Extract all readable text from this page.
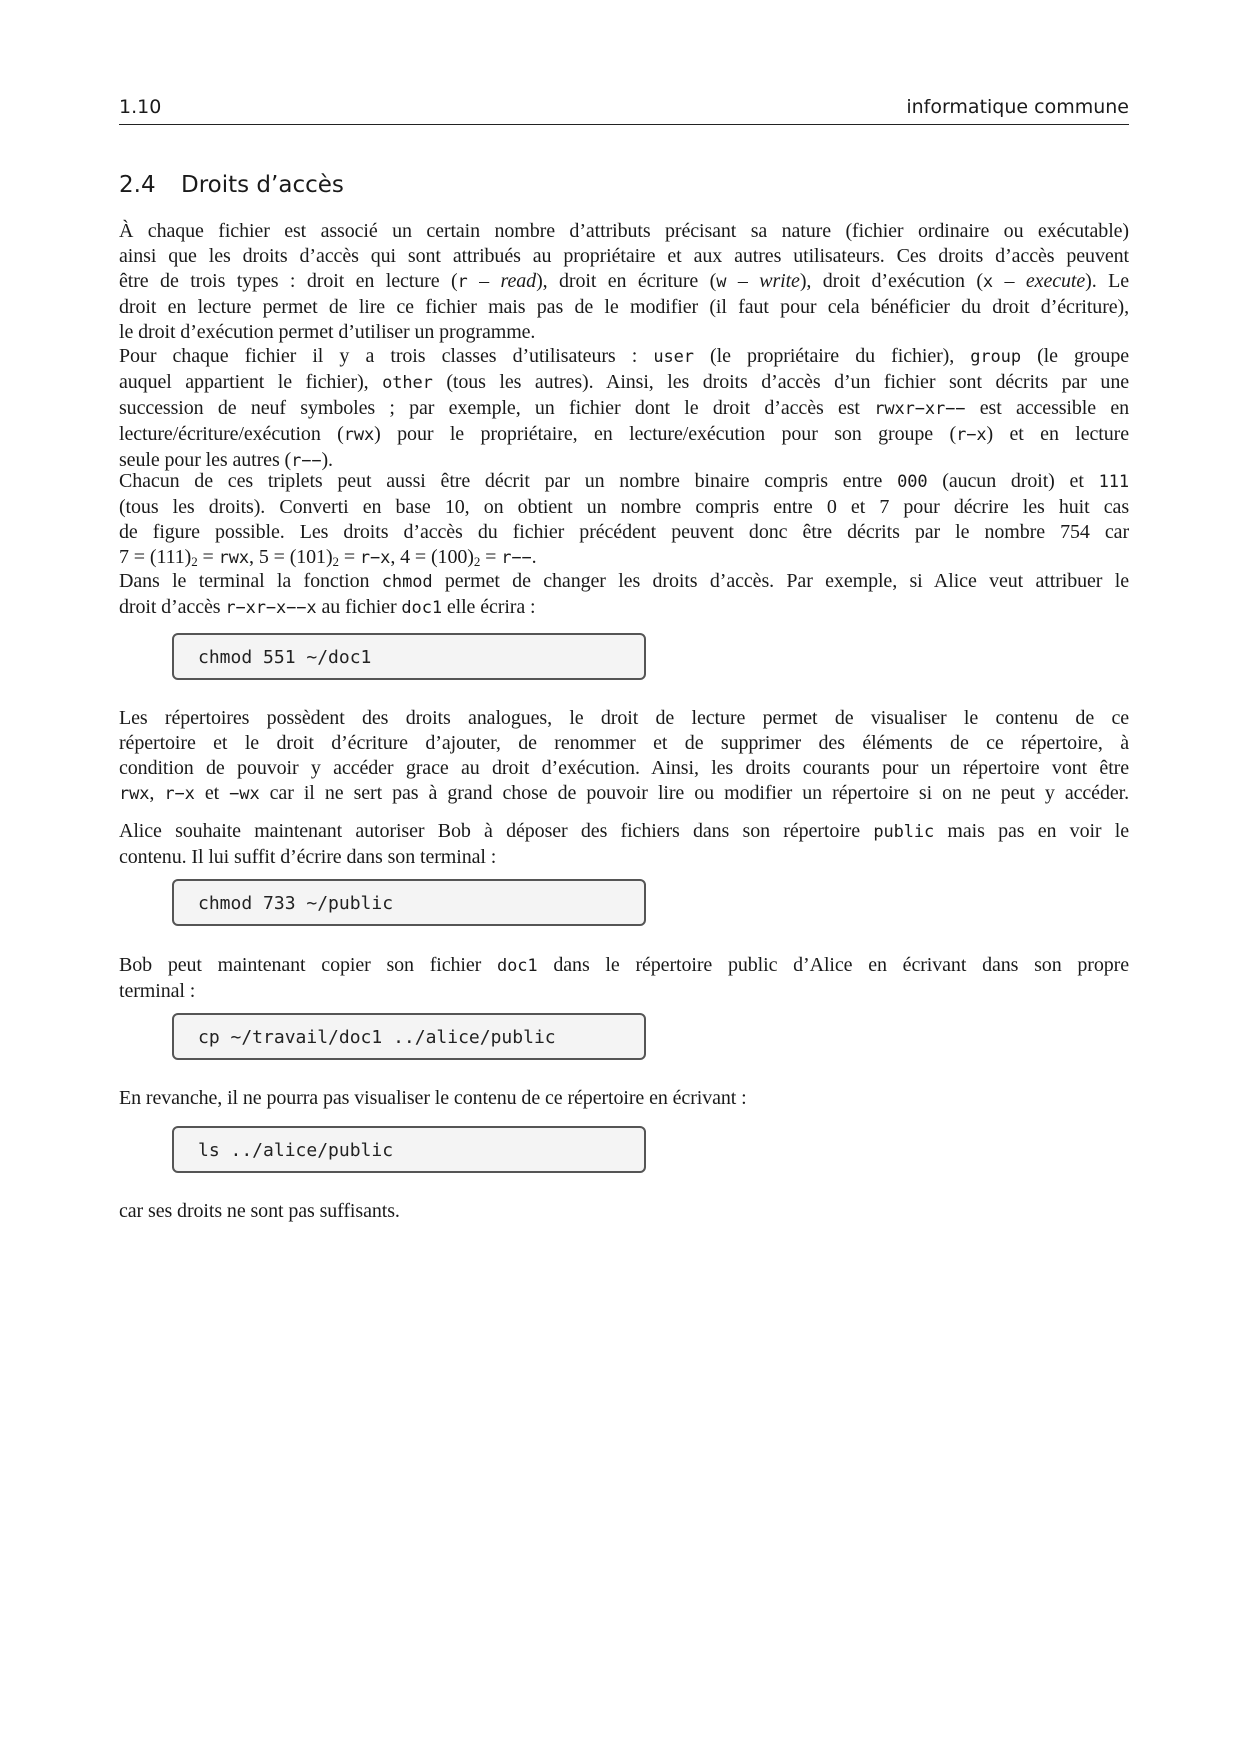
1.10	informatique commune
2.4 Droits d’accès
À chaque fichier est associé un certain nombre d’attributs précisant sa nature (fichier ordinaire ou exécutable)
ainsi que les droits d’accès qui sont attribués au propriétaire et aux autres utilisateurs. Ces droits d’accès peuvent
être de trois types : droit en lecture (r – read), droit en écriture (w – write), droit d’exécution (x – execute). Le
droit en lecture permet de lire ce fichier mais pas de le modifier (il faut pour cela bénéficier du droit d’écriture),
le droit d’exécution permet d’utiliser un programme.
Pour chaque fichier il y a trois classes d’utilisateurs : user (le propriétaire du fichier), group (le groupe
auquel appartient le fichier), other (tous les autres). Ainsi, les droits d’accès d’un fichier sont décrits par une
succession de neuf symboles ; par exemple, un fichier dont le droit d’accès est rwxr−xr−− est accessible en
lecture/écriture/exécution (rwx) pour le propriétaire, en lecture/exécution pour son groupe (r−x) et en lecture
seule pour les autres (r−−).
Chacun de ces triplets peut aussi être décrit par un nombre binaire compris entre 000 (aucun droit) et 111
(tous les droits). Converti en base 10, on obtient un nombre compris entre 0 et 7 pour décrire les huit cas
de figure possible. Les droits d’accès du fichier précédent peuvent donc être décrits par le nombre 754 car
$7 = (111)_2$ = rwx, $5 = (101)_2 = r-x$, $4 = (100)_2 = r--$.
Dans le terminal la fonction chmod permet de changer les droits d’accès. Par exemple, si Alice veut attribuer le
droit d’accès r−xr−x−−x au fichier doc1 elle écrira :
chmod 551 ~/doc1
Les répertoires possèdent des droits analogues, le droit de lecture permet de visualiser le contenu de ce
répertoire et le droit d’écriture d’ajouter, de renommer et de supprimer des éléments de ce répertoire, à
condition de pouvoir y accéder grace au droit d’exécution. Ainsi, les droits courants pour un répertoire vont être
rwx, r−x et −wx car il ne sert pas à grand chose de pouvoir lire ou modifier un répertoire si on ne peut y accéder.
Alice souhaite maintenant autoriser Bob à déposer des fichiers dans son répertoire public mais pas en voir le
contenu. Il lui suffit d’écrire dans son terminal :
chmod 733 ~/public
Bob peut maintenant copier son fichier doc1 dans le répertoire public d’Alice en écrivant dans son propre
terminal :
cp ~/travail/doc1 ../alice/public
En revanche, il ne pourra pas visualiser le contenu de ce répertoire en écrivant :
ls ../alice/public
car ses droits ne sont pas suffisants.
